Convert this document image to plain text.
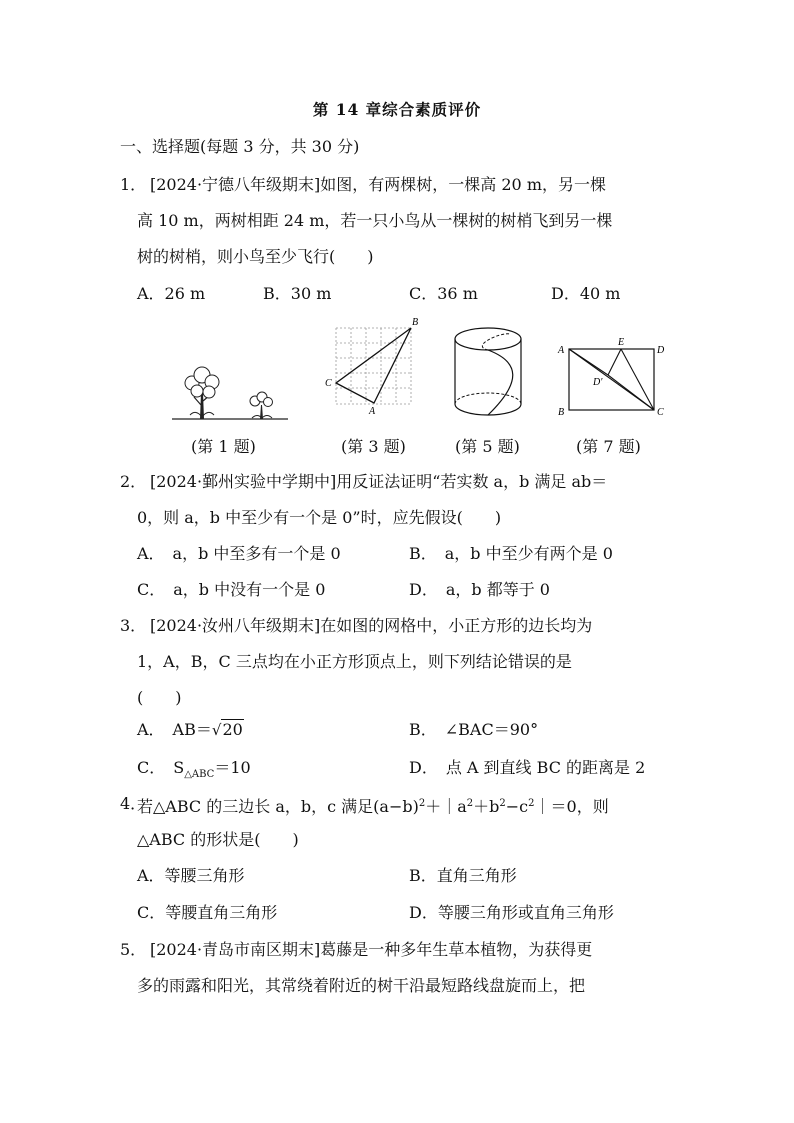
第 14 章综合素质评价
一、选择题(每题 3 分，共 30 分)
1． [2024·宁德八年级期末]如图，有两棵树，一棵高 20 m，另一棵
高 10 m，两树相距 24 m，若一只小鸟从一棵树的树梢飞到另一棵
树的树梢，则小鸟至少飞行(　　)
A．26 m	B．30 m	C．36 m	D．40 m
(第 1 题)
B
C
A
(第 3 题)	(第 5 题)
A
E
D
D′
B	C
(第 7 题)
2． [2024·鄞州实验中学期中]用反证法证明“若实数 a，b 满足 ab＝
0，则 a，b 中至少有一个是 0”时，应先假设(　　)
A．　a，b 中至多有一个是 0	B．　a，b 中至少有两个是 0
C．　a，b 中没有一个是 0	D．　a，b 都等于 0
3． [2024·汝州八年级期末]在如图的网格中，小正方形的边长均为
1，A，B，C 三点均在小正方形顶点上，则下列结论错误的是
(　　)
A．　AB＝√20	B．　∠BAC＝90°
C．　$S_{\triangle ABC}=10$	D．　点 A 到直线 BC 的距离是 2
4．
若△ABC 的三边长 a，b，c 满足$(a-b)^2+|a^2+b^2-c^2|=0$，则
△ABC 的形状是(　　)
A．等腰三角形	B．直角三角形
C．等腰直角三角形	D．等腰三角形或直角三角形
5． [2024·青岛市南区期末]葛藤是一种多年生草本植物，为获得更
多的雨露和阳光，其常绕着附近的树干沿最短路线盘旋而上，把
